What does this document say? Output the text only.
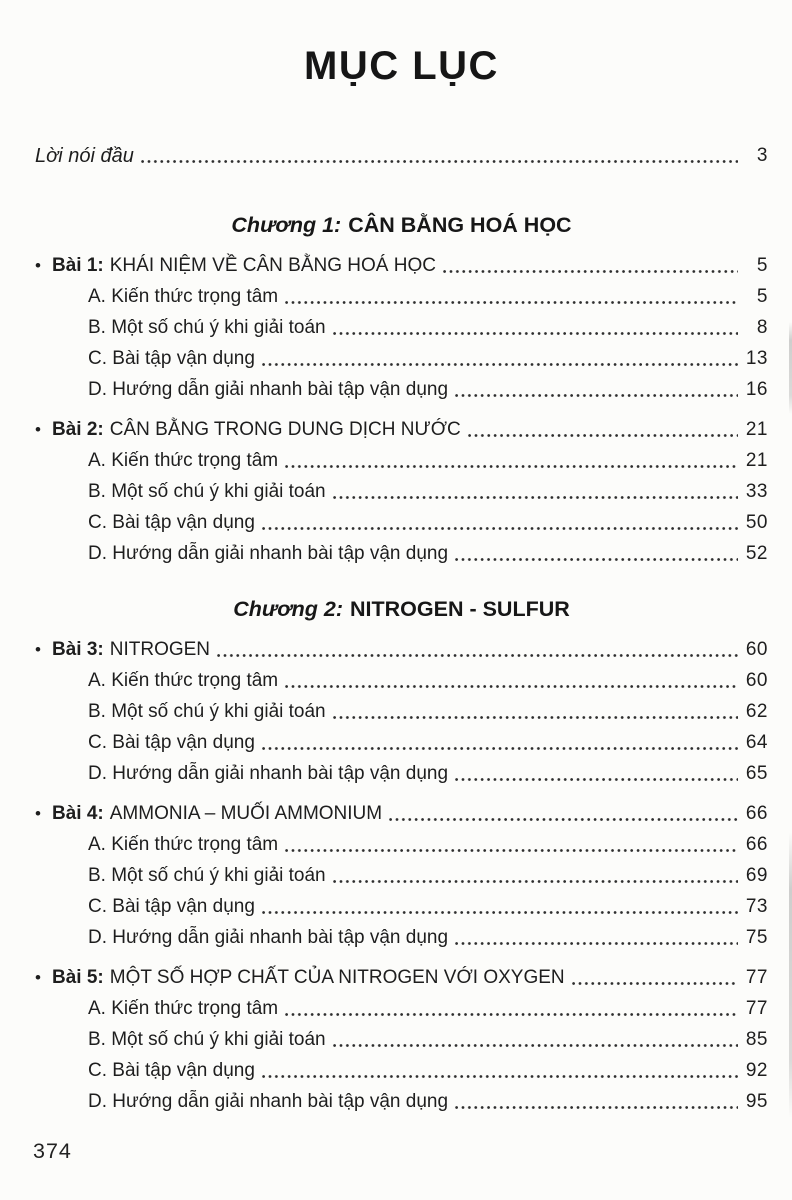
MỤC LỤC
Lời nói đầu	3
Chương 1: CÂN BẰNG HOÁ HỌC
• Bài 1: KHÁI NIỆM VỀ CÂN BẰNG HOÁ HỌC	5
A. Kiến thức trọng tâm	5
B. Một số chú ý khi giải toán	8
C. Bài tập vận dụng	13
D. Hướng dẫn giải nhanh bài tập vận dụng	16
• Bài 2: CÂN BẰNG TRONG DUNG DỊCH NƯỚC	21
A. Kiến thức trọng tâm	21
B. Một số chú ý khi giải toán	33
C. Bài tập vận dụng	50
D. Hướng dẫn giải nhanh bài tập vận dụng	52
Chương 2: NITROGEN - SULFUR
• Bài 3: NITROGEN	60
A. Kiến thức trọng tâm	60
B. Một số chú ý khi giải toán	62
C. Bài tập vận dụng	64
D. Hướng dẫn giải nhanh bài tập vận dụng	65
• Bài 4: AMMONIA – MUỐI AMMONIUM	66
A. Kiến thức trọng tâm	66
B. Một số chú ý khi giải toán	69
C. Bài tập vận dụng	73
D. Hướng dẫn giải nhanh bài tập vận dụng	75
• Bài 5: MỘT SỐ HỢP CHẤT CỦA NITROGEN VỚI OXYGEN	77
A. Kiến thức trọng tâm	77
B. Một số chú ý khi giải toán	85
C. Bài tập vận dụng	92
D. Hướng dẫn giải nhanh bài tập vận dụng	95
374
